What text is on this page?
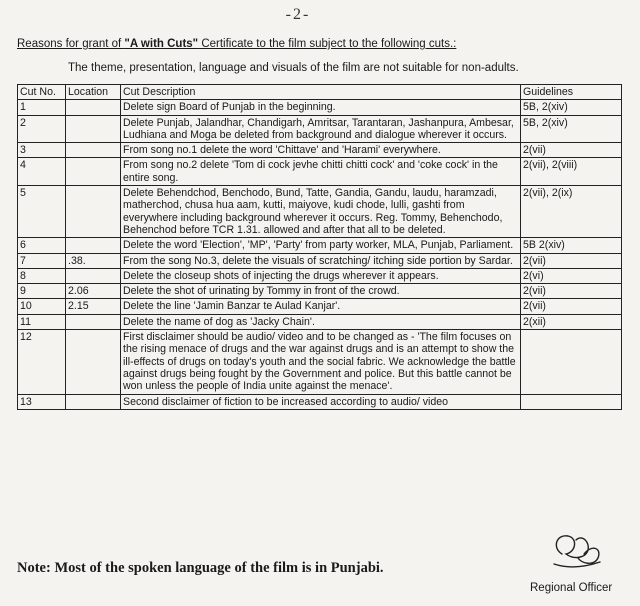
-2-
Reasons for grant of "A with Cuts" Certificate to the film subject to the following cuts.:
The theme, presentation, language and visuals of the film are not suitable for non-adults.
Cut No.	Location	Cut Description	Guidelines
1		Delete sign Board of Punjab in the beginning.	5B, 2(xiv)
2		Delete Punjab, Jalandhar, Chandigarh, Amritsar, Tarantaran, Jashanpura, Ambesar, Ludhiana and Moga be deleted from background and dialogue wherever it occurs.	5B, 2(xiv)
3		From song no.1 delete the word 'Chittave' and 'Harami' everywhere.	2(vii)
4		From song no.2 delete 'Tom di cock jevhe chitti chitti cock' and 'coke cock' in the entire song.	2(vii), 2(viii)
5		Delete Behendchod, Benchodo, Bund, Tatte, Gandia, Gandu, laudu, haramzadi, matherchod, chusa hua aam, kutti, maiyove, kudi chode, lulli, gashti from everywhere including background wherever it occurs. Reg. Tommy, Behenchodo, Behenchod before TCR 1.31. allowed and after that all to be deleted.	2(vii), 2(ix)
6		Delete the word 'Election', 'MP', 'Party' from party worker, MLA, Punjab, Parliament.	5B 2(xiv)
7	.38.	From the song No.3, delete the visuals of scratching/ itching side portion by Sardar.	2(vii)
8		Delete the closeup shots of injecting the drugs wherever it appears.	2(vi)
9	2.06	Delete the shot of urinating by Tommy in front of the crowd.	2(vii)
10	2.15	Delete the line 'Jamin Banzar te Aulad Kanjar'.	2(vii)
11		Delete the name of dog as 'Jacky Chain'.	2(xii)
12		First disclaimer should be audio/ video and to be changed as - 'The film focuses on the rising menace of drugs and the war against drugs and is an attempt to show the ill-effects of drugs on today's youth and the social fabric. We acknowledge the battle against drugs being fought by the Government and police. But this battle cannot be won unless the people of India unite against the menace'.	
13		Second disclaimer of fiction to be increased according to audio/ video	
Note: Most of the spoken language of the film is in Punjabi.
Regional Officer
